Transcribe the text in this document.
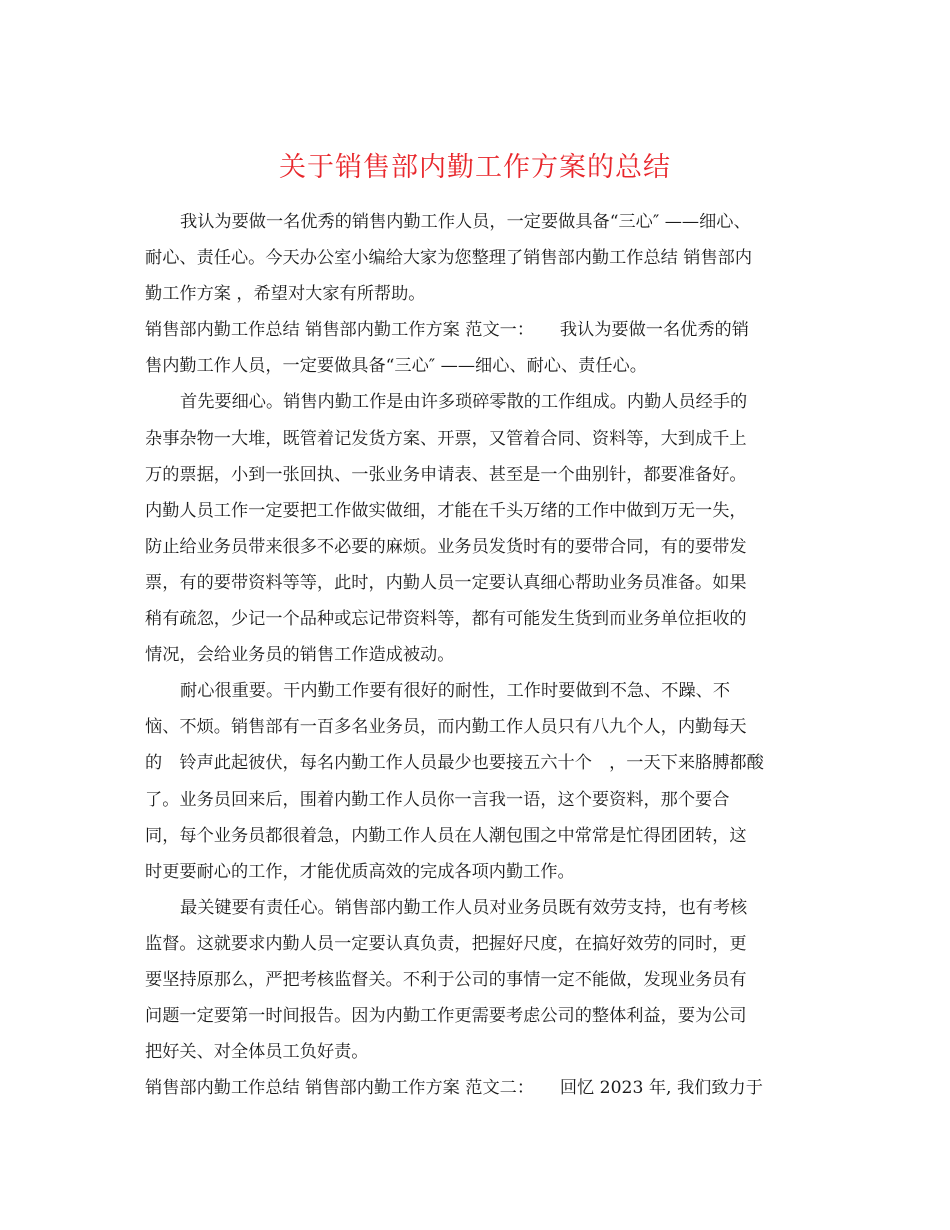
关于销售部内勤工作方案的总结
我认为要做一名优秀的销售内勤工作人员，一定要做具备“三心″ ——细心、
耐心、责任心。今天办公室小编给大家为您整理了销售部内勤工作总结 销售部内
勤工作方案 ，希望对大家有所帮助。
销售部内勤工作总结 销售部内勤工作方案 范文一：　　我认为要做一名优秀的销
售内勤工作人员，一定要做具备“三心″ ——细心、耐心、责任心。
首先要细心。销售内勤工作是由许多琐碎零散的工作组成。内勤人员经手的
杂事杂物一大堆，既管着记发货方案、开票，又管着合同、资料等，大到成千上
万的票据，小到一张回执、一张业务申请表、甚至是一个曲别针，都要准备好。
内勤人员工作一定要把工作做实做细，才能在千头万绪的工作中做到万无一失，
防止给业务员带来很多不必要的麻烦。业务员发货时有的要带合同，有的要带发
票，有的要带资料等等，此时，内勤人员一定要认真细心帮助业务员准备。如果
稍有疏忽，少记一个品种或忘记带资料等，都有可能发生货到而业务单位拒收的
情况，会给业务员的销售工作造成被动。
耐心很重要。干内勤工作要有很好的耐性，工作时要做到不急、不躁、不
恼、不烦。销售部有一百多名业务员，而内勤工作人员只有八九个人，内勤每天
的　铃声此起彼伏，每名内勤工作人员最少也要接五六十个　，一天下来胳膊都酸
了。业务员回来后，围着内勤工作人员你一言我一语，这个要资料，那个要合
同，每个业务员都很着急，内勤工作人员在人潮包围之中常常是忙得团团转，这
时更要耐心的工作，才能优质高效的完成各项内勤工作。
最关键要有责任心。销售部内勤工作人员对业务员既有效劳支持，也有考核
监督。这就要求内勤人员一定要认真负责，把握好尺度，在搞好效劳的同时，更
要坚持原那么，严把考核监督关。不利于公司的事情一定不能做，发现业务员有
问题一定要第一时间报告。因为内勤工作更需要考虑公司的整体利益，要为公司
把好关、对全体员工负好责。
销售部内勤工作总结 销售部内勤工作方案 范文二：　　回忆 2023 年, 我们致力于
